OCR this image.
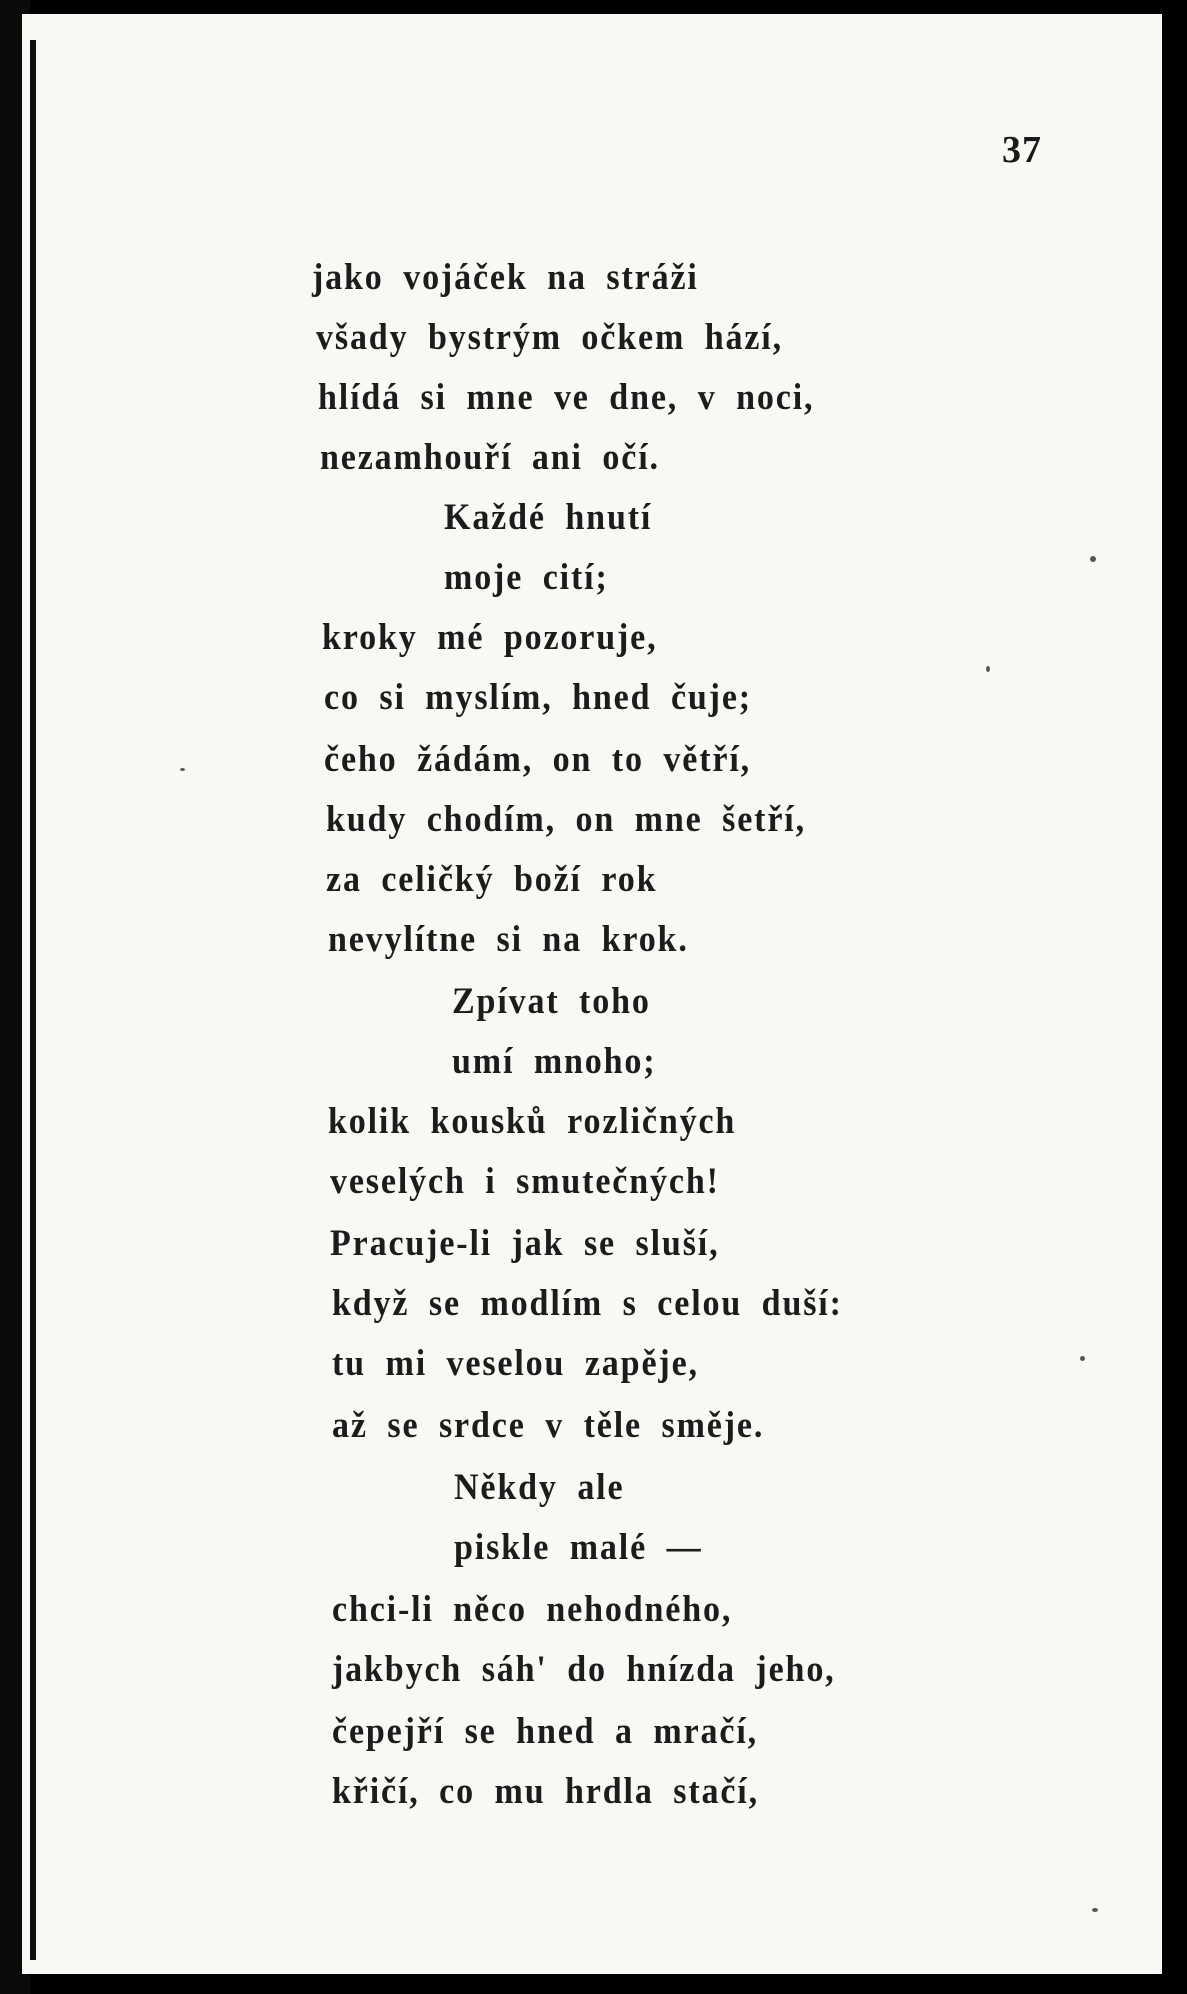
37
jako vojáček na stráži
všady bystrým očkem hází,
hlídá si mne ve dne, v noci,
nezamhouří ani očí.
Každé hnutí
moje cití;
kroky mé pozoruje,
co si myslím, hned čuje;
čeho žádám, on to větří,
kudy chodím, on mne šetří,
za celičký boží rok
nevylítne si na krok.
Zpívat toho
umí mnoho;
kolik kousků rozličných
veselých i smutečných!
Pracuje-li jak se sluší,
když se modlím s celou duší:
tu mi veselou zapěje,
až se srdce v těle směje.
Někdy ale
piskle malé —
chci-li něco nehodného,
jakbych sáh' do hnízda jeho,
čepejří se hned a mračí,
křičí, co mu hrdla stačí,
